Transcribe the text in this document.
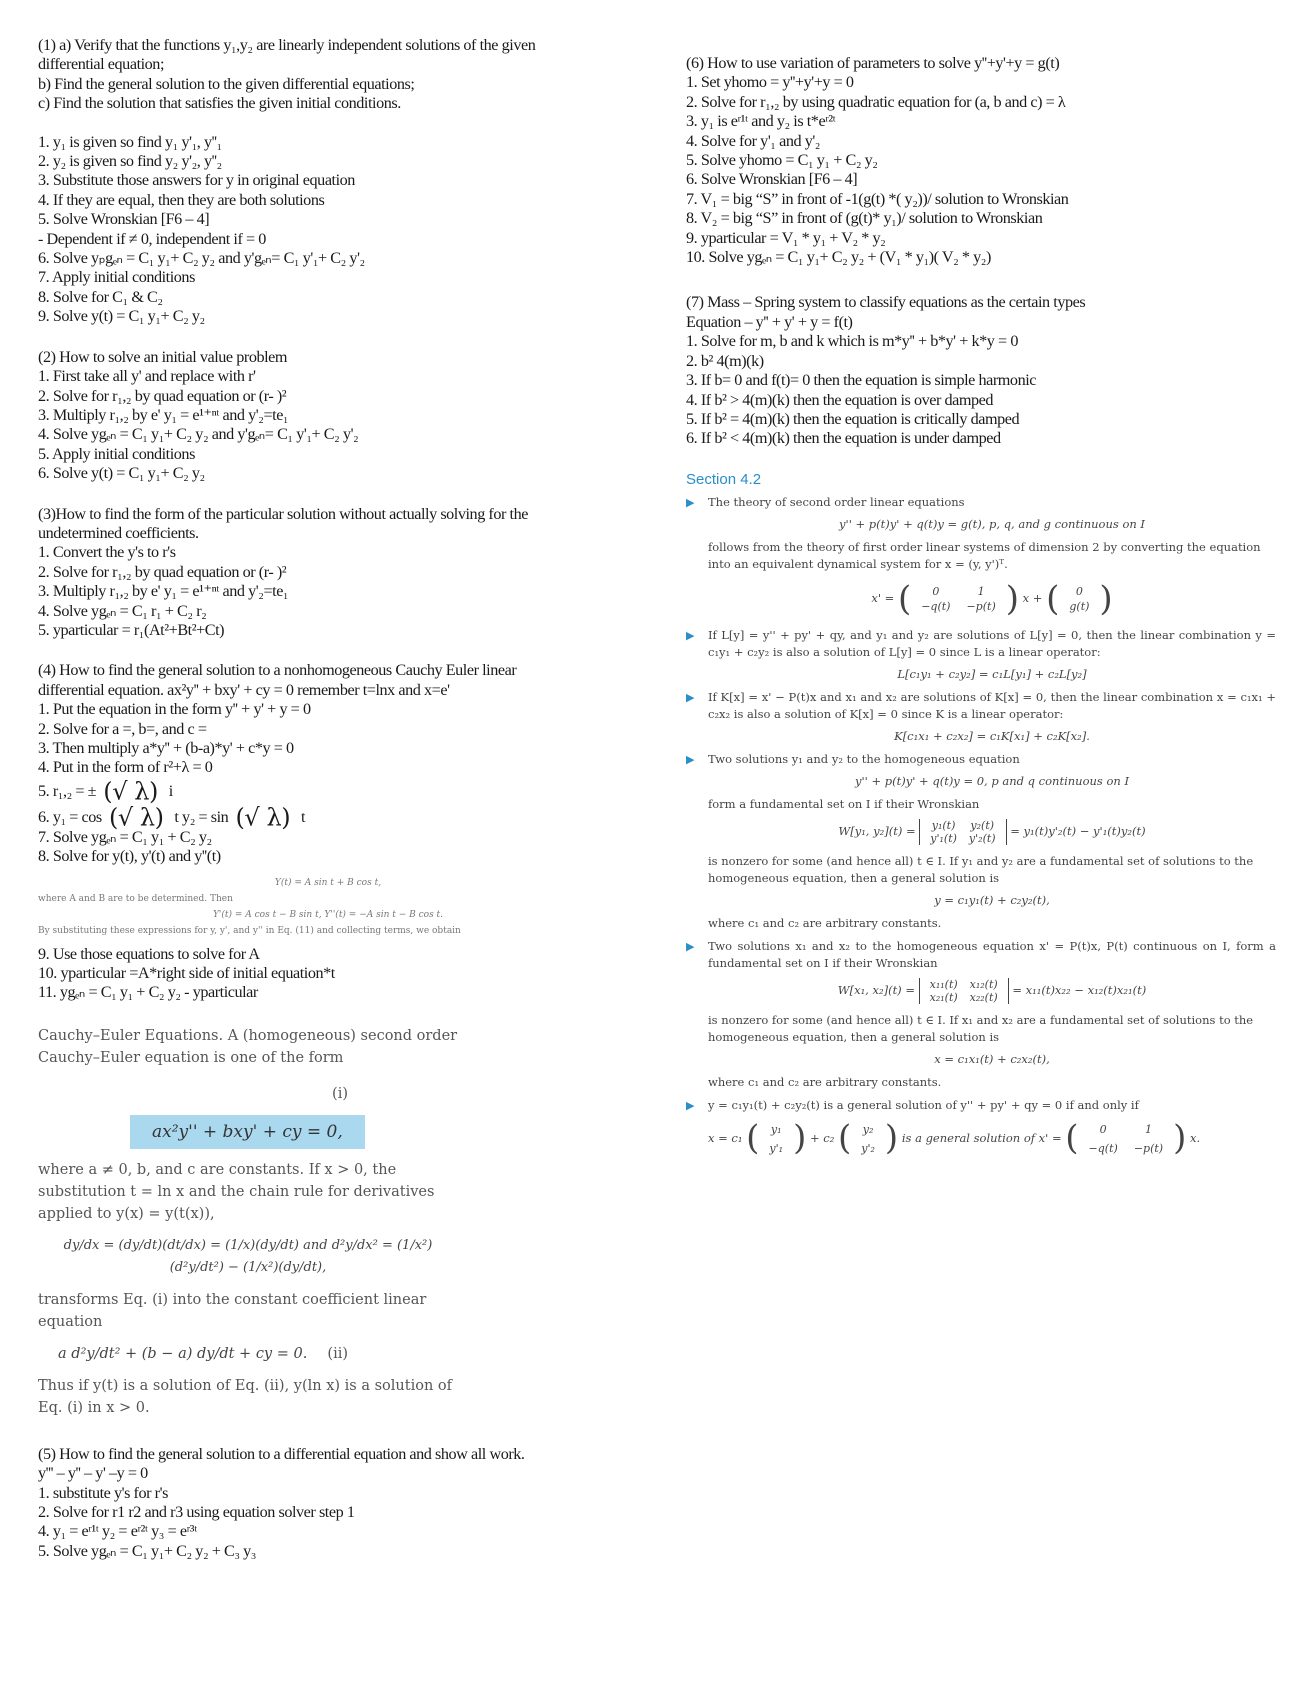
(1) a) Verify that the functions y₁,y₂ are linearly independent solutions of the given
differential equation;
b) Find the general solution to the given differential equations;
c) Find the solution that satisfies the given initial conditions.
1. y₁ is given so find y₁ y'₁, y''₁
2. y₂ is given so find y₂ y'₂, y''₂
3. Substitute those answers for y in original equation
4. If they are equal, then they are both solutions
5. Solve Wronskian [F6 – 4]
- Dependent if ≠ 0, independent if = 0
6. Solve yₚgₑₙ = C₁ y₁+ C₂ y₂ and y'gₑₙ= C₁ y'₁+ C₂ y'₂
7. Apply initial conditions
8. Solve for C₁ & C₂
9. Solve y(t) = C₁ y₁+ C₂ y₂
(2) How to solve an initial value problem
1. First take all y' and replace with r'
2. Solve for r₁,₂ by quad equation or (r- )²
3. Multiply r₁,₂ by e' y₁ = e¹⁺ⁿᵗ and y'₂=te₁
4. Solve ygₑₙ = C₁ y₁+ C₂ y₂ and y'gₑₙ= C₁ y'₁+ C₂ y'₂
5. Apply initial conditions
6. Solve y(t) = C₁ y₁+ C₂ y₂
(3)How to find the form of the particular solution without actually solving for the
undetermined coefficients.
1. Convert the y's to r's
2. Solve for r₁,₂ by quad equation or (r- )²
3. Multiply r₁,₂ by e' y₁ = e¹⁺ⁿᵗ and y'₂=te₁
4. Solve ygₑₙ = C₁ r₁ + C₂ r₂
5. yparticular = r₁(At²+Bt²+Ct)
(4) How to find the general solution to a nonhomogeneous Cauchy Euler linear
differential equation. ax²y'' + bxy' + cy = 0 remember t=lnx and x=e'
1. Put the equation in the form y'' + y' + y = 0
2. Solve for a =, b=, and c =
3. Then multiply a*y'' + (b-a)*y' + c*y = 0
4. Put in the form of r²+λ = 0
5. r₁,₂ = ± (√ λ) i
6. y₁ = cos (√ λ) t y₂ = sin (√ λ) t
7. Solve ygₑₙ = C₁ y₁ + C₂ y₂
8. Solve for y(t), y'(t) and y''(t)
Y(t) = A sin t + B cos t,
where A and B are to be determined. Then
Y'(t) = A cos t − B sin t, Y''(t) = −A sin t − B cos t.
By substituting these expressions for y, y', and y'' in Eq. (11) and collecting terms, we obtain
9. Use those equations to solve for A
10. yparticular =A*right side of initial equation*t
11. ygₑₙ = C₁ y₁ + C₂ y₂ - yparticular
Cauchy–Euler Equations. A (homogeneous) second order Cauchy–Euler equation is one of the form
(i)
ax²y'' + bxy' + cy = 0,
where a ≠ 0, b, and c are constants. If x > 0, the substitution t = ln x and the chain rule for derivatives applied to y(x) = y(t(x)),
dy/dx = (dy/dt)(dt/dx) = (1/x)(dy/dt) and d²y/dx² = (1/x²)(d²y/dt²) − (1/x²)(dy/dt),
transforms Eq. (i) into the constant coefficient linear equation
(ii)
a d²y/dt² + (b − a) dy/dt + cy = 0.
Thus if y(t) is a solution of Eq. (ii), y(ln x) is a solution of Eq. (i) in x > 0.
(5) How to find the general solution to a differential equation and show all work.
y''' – y'' – y' –y = 0
1. substitute y's for r's
2. Solve for r1 r2 and r3 using equation solver step 1
4. y₁ = eʳ¹ᵗ y₂ = eʳ²ᵗ y₃ = eʳ³ᵗ
5. Solve ygₑₙ = C₁ y₁+ C₂ y₂ + C₃ y₃
(6) How to use variation of parameters to solve y''+y'+y = g(t)
1. Set yhomo = y''+y'+y = 0
2. Solve for r₁,₂ by using quadratic equation for (a, b and c) = λ
3. y₁ is eʳ¹ᵗ and y₂ is t*eʳ²ᵗ
4. Solve for y'₁ and y'₂
5. Solve yhomo = C₁ y₁ + C₂ y₂
6. Solve Wronskian [F6 – 4]
7. V₁ = big “S” in front of -1(g(t) *( y₂))/ solution to Wronskian
8. V₂ = big “S” in front of (g(t)* y₁)/ solution to Wronskian
9. yparticular = V₁ * y₁ + V₂ * y₂
10. Solve ygₑₙ = C₁ y₁+ C₂ y₂ + (V₁ * y₁)( V₂ * y₂)
(7) Mass – Spring system to classify equations as the certain types
Equation – y'' + y' + y = f(t)
1. Solve for m, b and k which is m*y'' + b*y' + k*y = 0
2. b² 4(m)(k)
3. If b= 0 and f(t)= 0 then the equation is simple harmonic
4. If b² > 4(m)(k) then the equation is over damped
5. If b² = 4(m)(k) then the equation is critically damped
6. If b² < 4(m)(k) then the equation is under damped
Section 4.2
▶	The theory of second order linear equations
y'' + p(t)y' + q(t)y = g(t), p, q, and g continuous on I
follows from the theory of first order linear systems of dimension 2 by converting the equation into an equivalent dynamical system for x = (y, y')ᵀ.
x' = ( 0	1
−q(t)	−p(t) ) x + ( 0
g(t) )
▶	If L[y] = y'' + py' + qy, and y₁ and y₂ are solutions of L[y] = 0, then the linear combination y = c₁y₁ + c₂y₂ is also a solution of L[y] = 0 since L is a linear operator:
L[c₁y₁ + c₂y₂] = c₁L[y₁] + c₂L[y₂]
▶	If K[x] = x' − P(t)x and x₁ and x₂ are solutions of K[x] = 0, then the linear combination x = c₁x₁ + c₂x₂ is also a solution of K[x] = 0 since K is a linear operator:
K[c₁x₁ + c₂x₂] = c₁K[x₁] + c₂K[x₂].
▶	Two solutions y₁ and y₂ to the homogeneous equation
y'' + p(t)y' + q(t)y = 0, p and q continuous on I
form a fundamental set on I if their Wronskian
W[y₁, y₂](t) = y₁(t)	y₂(t)
y'₁(t)	y'₂(t)
= y₁(t)y'₂(t) − y'₁(t)y₂(t)
is nonzero for some (and hence all) t ∈ I. If y₁ and y₂ are a fundamental set of solutions to the homogeneous equation, then a general solution is
y = c₁y₁(t) + c₂y₂(t),
where c₁ and c₂ are arbitrary constants.
▶	Two solutions x₁ and x₂ to the homogeneous equation x' = P(t)x, P(t) continuous on I, form a fundamental set on I if their Wronskian
W[x₁, x₂](t) = x₁₁(t)	x₁₂(t)
x₂₁(t)	x₂₂(t)
= x₁₁(t)x₂₂ − x₁₂(t)x₂₁(t)
is nonzero for some (and hence all) t ∈ I. If x₁ and x₂ are a fundamental set of solutions to the homogeneous equation, then a general solution is
x = c₁x₁(t) + c₂x₂(t),
where c₁ and c₂ are arbitrary constants.
▶	y = c₁y₁(t) + c₂y₂(t) is a general solution of y'' + py' + qy = 0 if and only if
x = c₁ ( y₁
y'₁ ) + c₂ ( y₂
y'₂ ) is a general solution of x' = ( 0	1
−q(t)	−p(t) ) x.
